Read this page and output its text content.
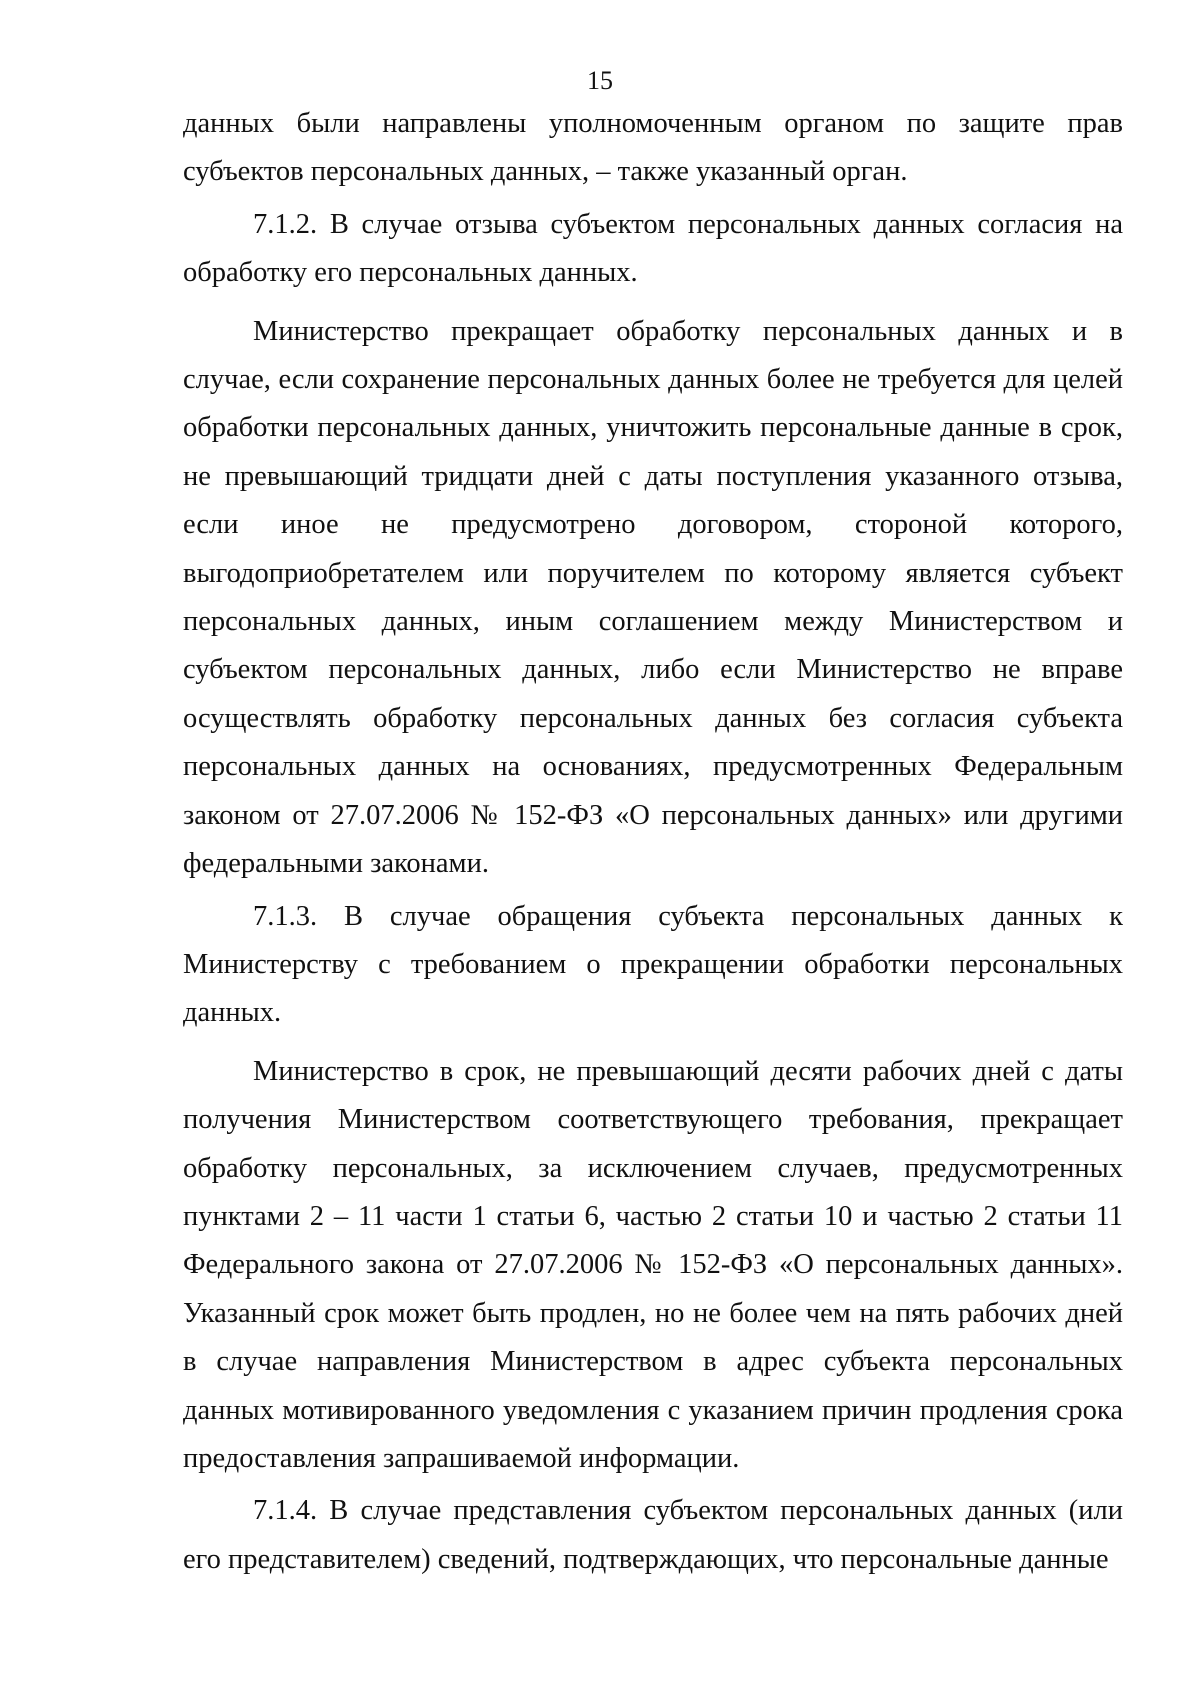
15

данных были направлены уполномоченным органом по защите прав субъектов персональных данных, – также указанный орган.

7.1.2. В случае отзыва субъектом персональных данных согласия на обработку его персональных данных.

Министерство прекращает обработку персональных данных и в случае, если сохранение персональных данных более не требуется для целей обработки персональных данных, уничтожить персональные данные в срок, не превышающий тридцати дней с даты поступления указанного отзыва, если иное не предусмотрено договором, стороной которого, выгодоприобретателем или поручителем по которому является субъект персональных данных, иным соглашением между Министерством и субъектом персональных данных, либо если Министерство не вправе осуществлять обработку персональных данных без согласия субъекта персональных данных на основаниях, предусмотренных Федеральным законом от 27.07.2006 № 152-ФЗ «О персональных данных» или другими федеральными законами.

7.1.3. В случае обращения субъекта персональных данных к Министерству с требованием о прекращении обработки персональных данных.

Министерство в срок, не превышающий десяти рабочих дней с даты получения Министерством соответствующего требования, прекращает обработку персональных, за исключением случаев, предусмотренных пунктами 2 – 11 части 1 статьи 6, частью 2 статьи 10 и частью 2 статьи 11 Федерального закона от 27.07.2006 № 152-ФЗ «О персональных данных». Указанный срок может быть продлен, но не более чем на пять рабочих дней в случае направления Министерством в адрес субъекта персональных данных мотивированного уведомления с указанием причин продления срока предоставления запрашиваемой информации.

7.1.4. В случае представления субъектом персональных данных (или его представителем) сведений, подтверждающих, что персональные данные
